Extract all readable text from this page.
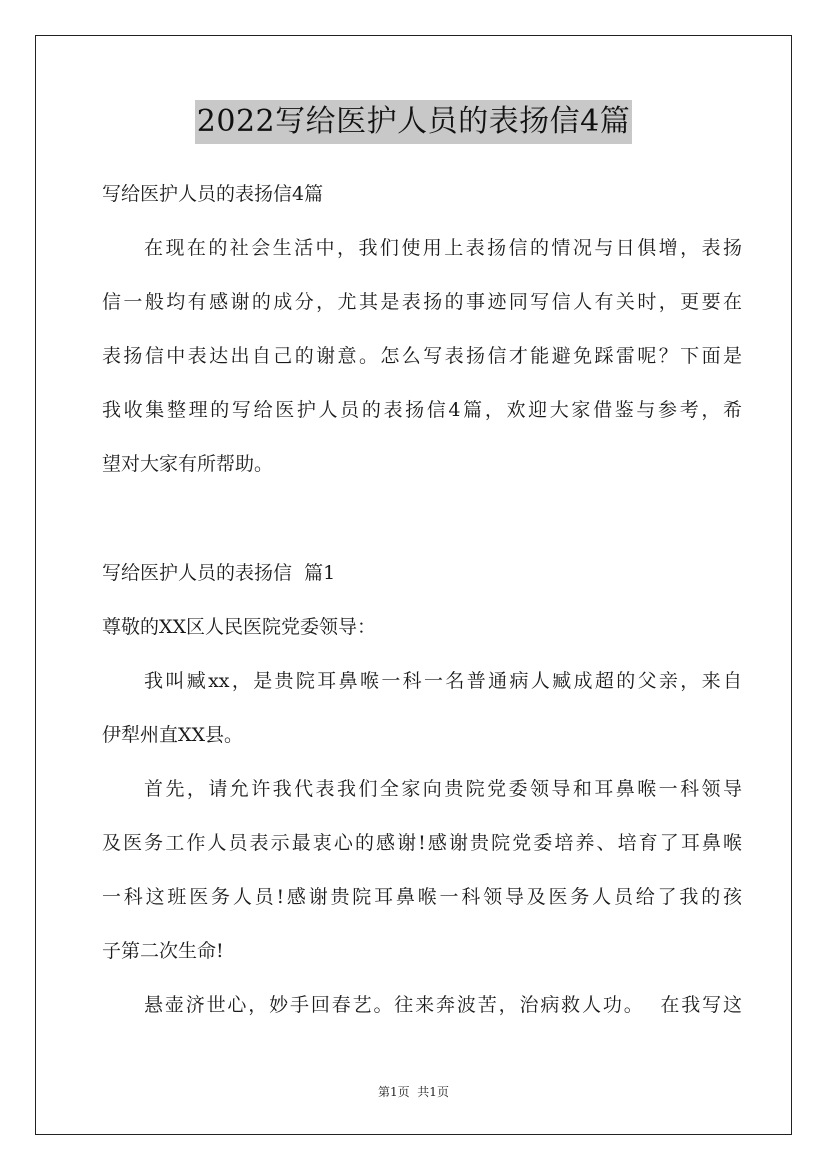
2022写给医护人员的表扬信4篇
写给医护人员的表扬信4篇
在现在的社会生活中，我们使用上表扬信的情况与日俱增，表扬
信一般均有感谢的成分，尤其是表扬的事迹同写信人有关时，更要在
表扬信中表达出自己的谢意。怎么写表扬信才能避免踩雷呢？下面是
我收集整理的写给医护人员的表扬信4篇，欢迎大家借鉴与参考，希
望对大家有所帮助。
写给医护人员的表扬信  篇1
尊敬的XX区人民医院党委领导：
我叫臧xx，是贵院耳鼻喉一科一名普通病人臧成超的父亲，来自
伊犁州直XX县。
首先，请允许我代表我们全家向贵院党委领导和耳鼻喉一科领导
及医务工作人员表示最衷心的感谢!感谢贵院党委培养、培育了耳鼻喉
一科这班医务人员!感谢贵院耳鼻喉一科领导及医务人员给了我的孩
子第二次生命!
悬壶济世心，妙手回春艺。往来奔波苦，治病救人功。  在我写这
第1页  共1页
